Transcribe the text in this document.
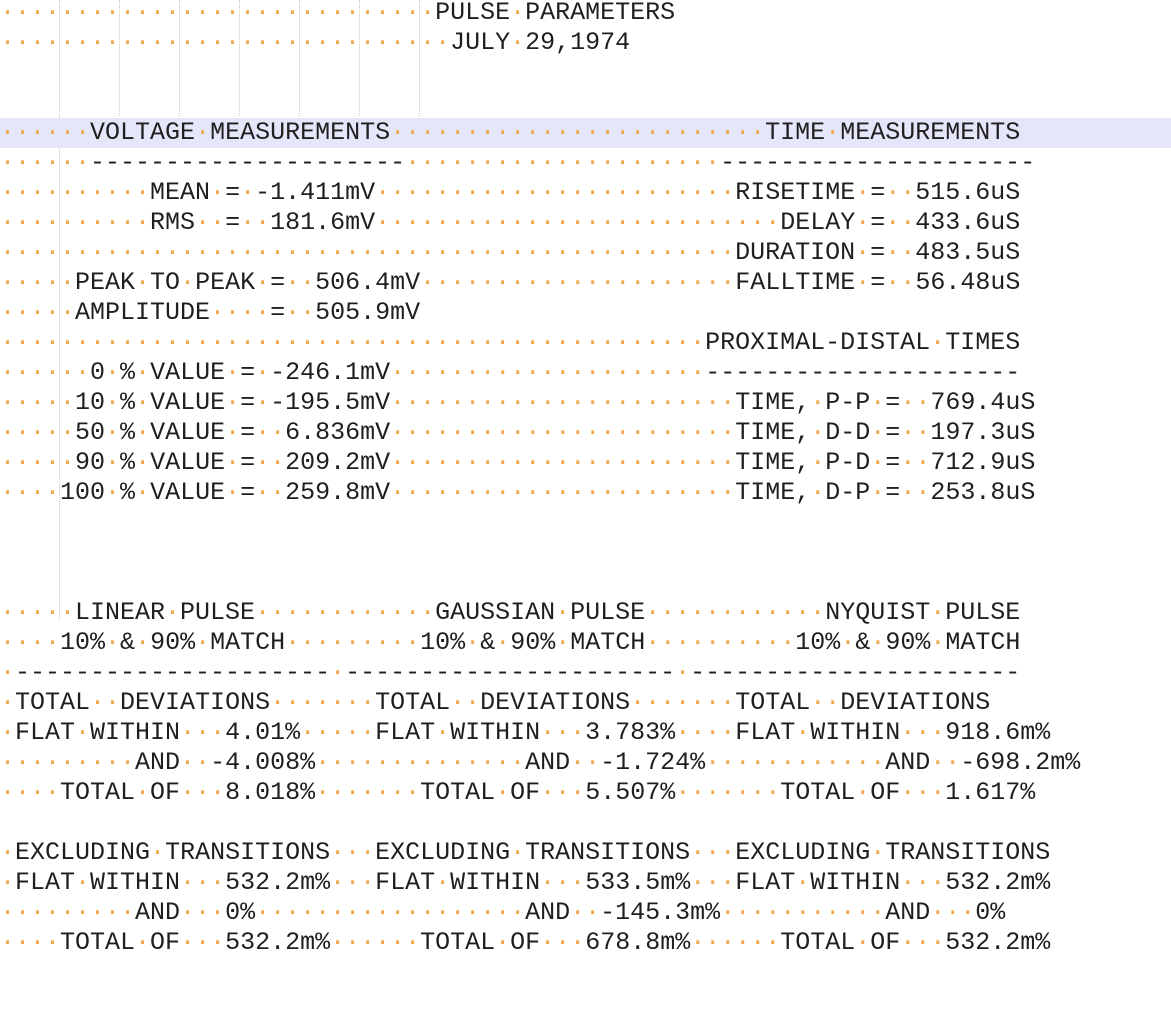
·····························PULSE·PARAMETERS
······························JULY·29,1974
······VOLTAGE·MEASUREMENTS·························TIME·MEASUREMENTS
······---------------------·····················---------------------
··········MEAN·=·-1.411mV························RISETIME·=··515.6uS
··········RMS··=··181.6mV···························DELAY·=··433.6uS
·················································DURATION·=··483.5uS
·····PEAK·TO·PEAK·=··506.4mV·····················FALLTIME·=··56.48uS
·····AMPLITUDE····=··505.9mV
···············································PROXIMAL-DISTAL·TIMES
······0·%·VALUE·=·-246.1mV·····················---------------------
·····10·%·VALUE·=·-195.5mV·······················TIME,·P-P·=··769.4uS
·····50·%·VALUE·=··6.836mV·······················TIME,·D-D·=··197.3uS
·····90·%·VALUE·=··209.2mV·······················TIME,·P-D·=··712.9uS
····100·%·VALUE·=··259.8mV·······················TIME,·D-P·=··253.8uS
·····LINEAR·PULSE············GAUSSIAN·PULSE············NYQUIST·PULSE
····10%·&·90%·MATCH·········10%·&·90%·MATCH··········10%·&·90%·MATCH
·---------------------·----------------------·----------------------
·TOTAL··DEVIATIONS·······TOTAL··DEVIATIONS·······TOTAL··DEVIATIONS
·FLAT·WITHIN···4.01%·····FLAT·WITHIN···3.783%····FLAT·WITHIN···918.6m%
·········AND··-4.008%··············AND··-1.724%············AND··-698.2m%
····TOTAL·OF···8.018%·······TOTAL·OF···5.507%·······TOTAL·OF···1.617%
·EXCLUDING·TRANSITIONS···EXCLUDING·TRANSITIONS···EXCLUDING·TRANSITIONS
·FLAT·WITHIN···532.2m%···FLAT·WITHIN···533.5m%···FLAT·WITHIN···532.2m%
·········AND···0%··················AND··-145.3m%···········AND···0%
····TOTAL·OF···532.2m%······TOTAL·OF···678.8m%······TOTAL·OF···532.2m%
